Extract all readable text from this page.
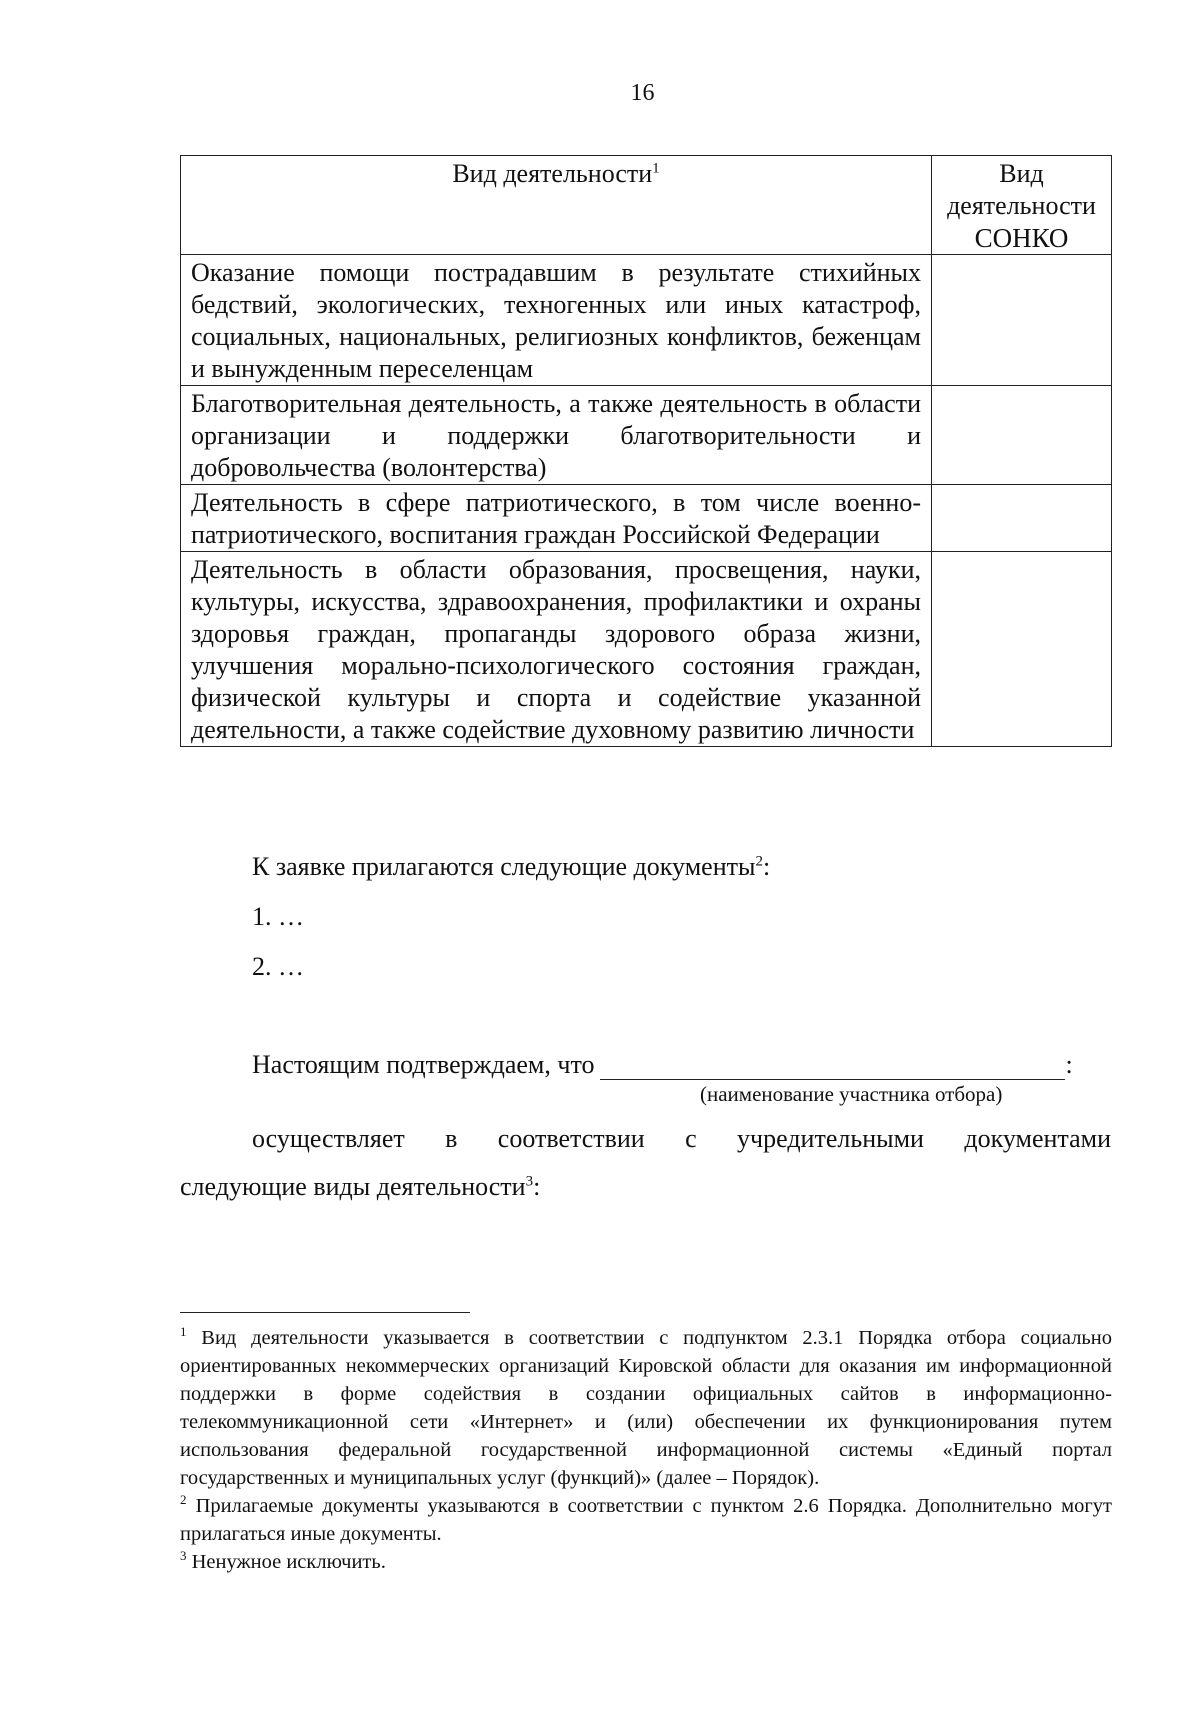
16
Вид деятельности$^1$	Вид
деятельности
СОНКО

Оказание помощи пострадавшим в результате стихийных бедствий, экологических, техногенных или иных катастроф, социальных, национальных, религиозных конфликтов, беженцам и вынужденным переселенцам	
Благотворительная деятельность, а также деятельность в области организации и поддержки благотворительности и добровольчества (волонтерства)	
Деятельность в сфере патриотического, в том числе военно-патриотического, воспитания граждан Российской Федерации	
Деятельность в области образования, просвещения, науки, культуры, искусства, здравоохранения, профилактики и охраны здоровья граждан, пропаганды здорового образа жизни, улучшения морально-психологического состояния граждан, физической культуры и спорта и содействие указанной деятельности, а также содействие духовному развитию личности	
К заявке прилагаются следующие документы$^2$:
1. …
2. …
Настоящим подтверждаем, что	:
(наименование участника отбора)
осуществляет в соответствии с учредительными документами
следующие виды деятельности$^3$:

$^1$ Вид деятельности указывается в соответствии с подпунктом 2.3.1 Порядка отбора социально ориентированных некоммерческих организаций Кировской области для оказания им информационной поддержки в форме содействия в создании официальных сайтов в информационно-телекоммуникационной сети «Интернет» и (или) обеспечении их функционирования путем использования федеральной государственной информационной системы «Единый портал государственных и муниципальных услуг (функций)» (далее – Порядок).

$^2$ Прилагаемые документы указываются в соответствии с пунктом 2.6 Порядка. Дополнительно могут прилагаться иные документы.

$^3$ Ненужное исключить.
